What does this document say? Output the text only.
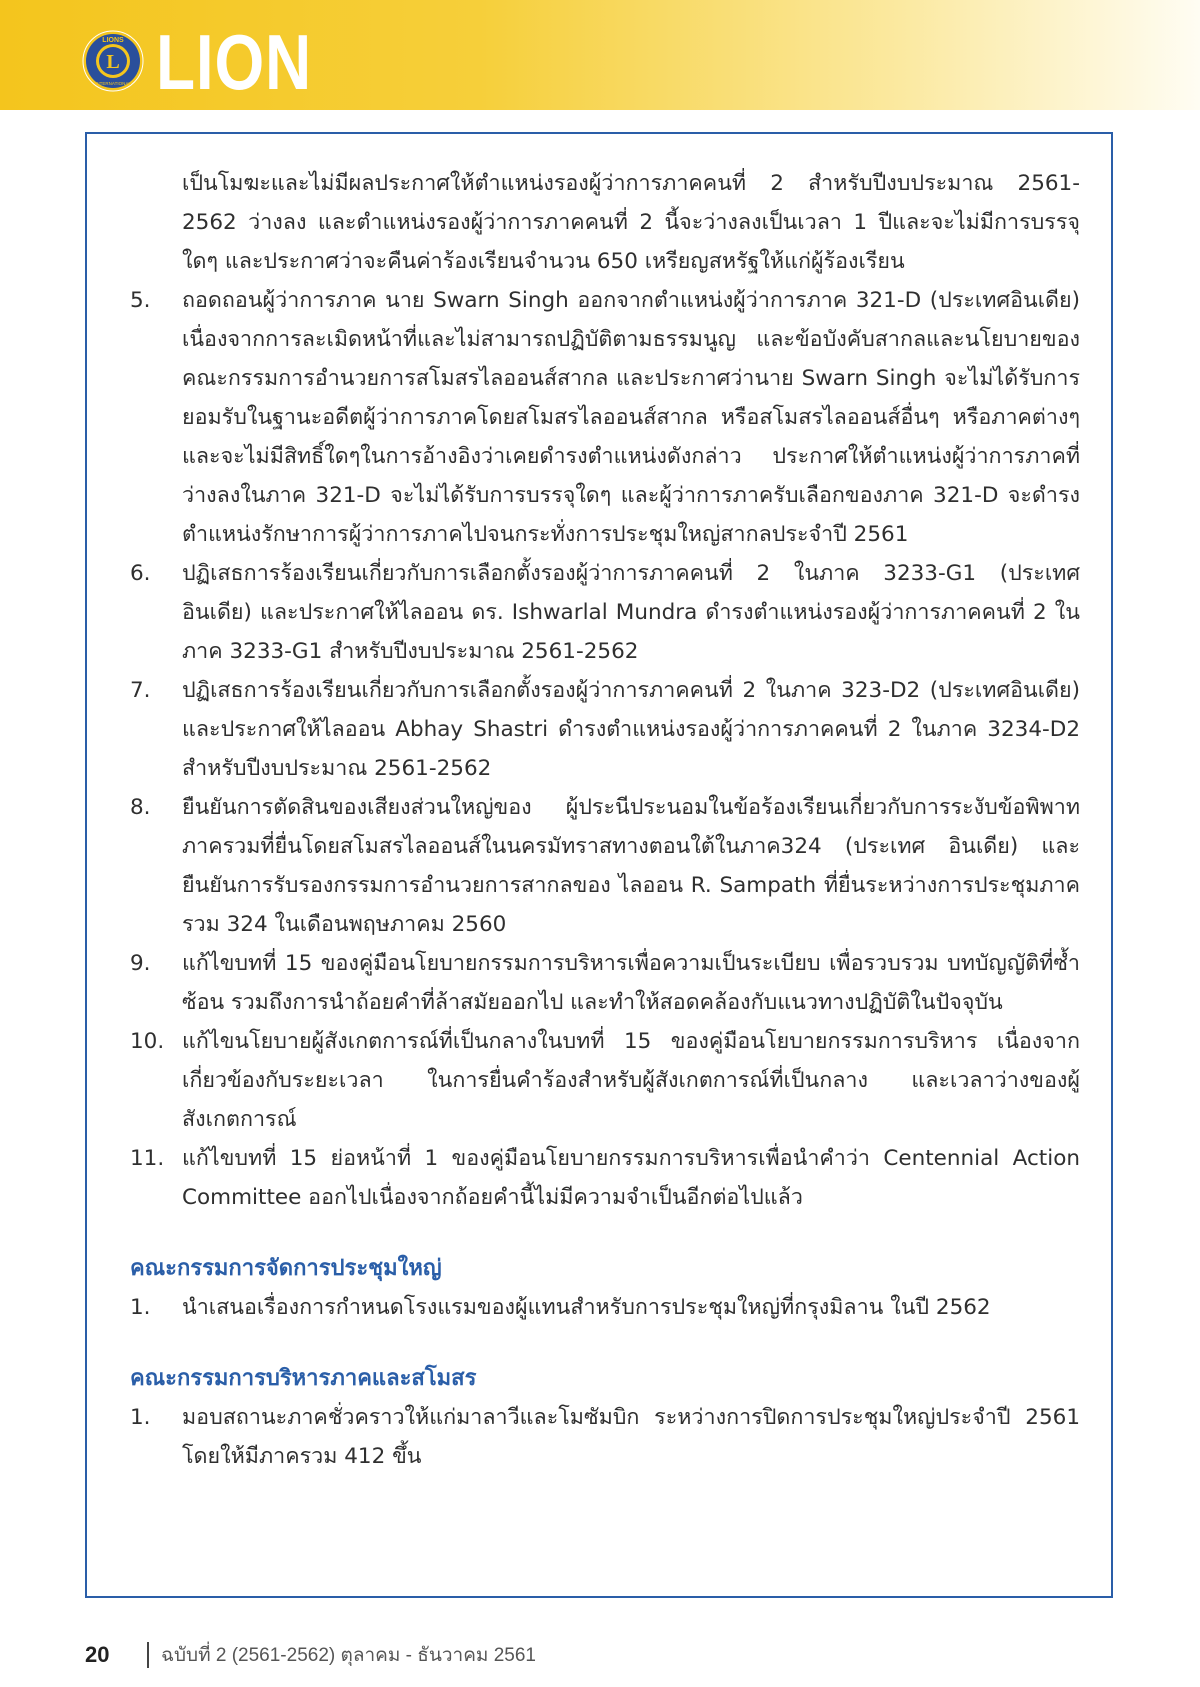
L
LIONS
INTERNATIONAL LION
เป็นโมฆะและไม่มีผลประกาศให้ตำแหน่งรองผู้ว่าการภาคคนที่ 2 สำหรับปีงบประมาณ 2561-2562 ว่างลง และตำแหน่งรองผู้ว่าการภาคคนที่ 2 นี้จะว่างลงเป็นเวลา 1 ปีและจะไม่มีการบรรจุใดๆ และประกาศว่าจะคืนค่าร้องเรียนจำนวน 650 เหรียญสหรัฐให้แก่ผู้ร้องเรียน
5.	ถอดถอนผู้ว่าการภาค นาย Swarn Singh ออกจากตำแหน่งผู้ว่าการภาค 321-D (ประเทศอินเดีย) เนื่องจากการละเมิดหน้าที่และไม่สามารถปฏิบัติตามธรรมนูญ และข้อบังคับสากลและนโยบายของคณะกรรมการอำนวยการสโมสรไลออนส์สากล และประกาศว่านาย Swarn Singh จะไม่ได้รับการยอมรับในฐานะอดีตผู้ว่าการภาคโดยสโมสรไลออนส์สากล หรือสโมสรไลออนส์อื่นๆ หรือภาคต่างๆ และจะไม่มีสิทธิ์ใดๆในการอ้างอิงว่าเคยดำรงตำแหน่งดังกล่าว ประกาศให้ตำแหน่งผู้ว่าการภาคที่ว่างลงในภาค 321-D จะไม่ได้รับการบรรจุใดๆ และผู้ว่าการภาครับเลือกของภาค 321-D จะดำรงตำแหน่งรักษาการผู้ว่าการภาคไปจนกระทั่งการประชุมใหญ่สากลประจำปี 2561
6.	ปฏิเสธการร้องเรียนเกี่ยวกับการเลือกตั้งรองผู้ว่าการภาคคนที่ 2 ในภาค 3233-G1 (ประเทศอินเดีย) และประกาศให้ไลออน ดร. Ishwarlal Mundra ดำรงตำแหน่งรองผู้ว่าการภาคคนที่ 2 ในภาค 3233-G1 สำหรับปีงบประมาณ 2561-2562
7.	ปฏิเสธการร้องเรียนเกี่ยวกับการเลือกตั้งรองผู้ว่าการภาคคนที่ 2 ในภาค 323-D2 (ประเทศอินเดีย) และประกาศให้ไลออน Abhay Shastri ดำรงตำแหน่งรองผู้ว่าการภาคคนที่ 2 ในภาค 3234-D2 สำหรับปีงบประมาณ 2561-2562
8.	ยืนยันการตัดสินของเสียงส่วนใหญ่ของ ผู้ประนีประนอมในข้อร้องเรียนเกี่ยวกับการระงับข้อพิพาทภาครวมที่ยื่นโดยสโมสรไลออนส์ในนครมัทราสทางตอนใต้ในภาค324 (ประเทศ อินเดีย) และยืนยันการรับรองกรรมการอำนวยการสากลของ ไลออน R. Sampath ที่ยื่นระหว่างการประชุมภาครวม 324 ในเดือนพฤษภาคม 2560
9.	แก้ไขบทที่ 15 ของคู่มือนโยบายกรรมการบริหารเพื่อความเป็นระเบียบ เพื่อรวบรวม บทบัญญัติที่ซ้ำซ้อน รวมถึงการนำถ้อยคำที่ล้าสมัยออกไป และทำให้สอดคล้องกับแนวทางปฏิบัติในปัจจุบัน
10. แก้ไขนโยบายผู้สังเกตการณ์ที่เป็นกลางในบทที่ 15 ของคู่มือนโยบายกรรมการบริหาร เนื่องจากเกี่ยวข้องกับระยะเวลา ในการยื่นคำร้องสำหรับผู้สังเกตการณ์ที่เป็นกลาง และเวลาว่างของผู้สังเกตการณ์
11. แก้ไขบทที่ 15 ย่อหน้าที่ 1 ของคู่มือนโยบายกรรมการบริหารเพื่อนำคำว่า Centennial Action Committee ออกไปเนื่องจากถ้อยคำนี้ไม่มีความจำเป็นอีกต่อไปแล้ว
คณะกรรมการจัดการประชุมใหญ่
1.	นำเสนอเรื่องการกำหนดโรงแรมของผู้แทนสำหรับการประชุมใหญ่ที่กรุงมิลาน ในปี 2562
คณะกรรมการบริหารภาคและสโมสร
1.	มอบสถานะภาคชั่วคราวให้แก่มาลาวีและโมซัมบิก ระหว่างการปิดการประชุมใหญ่ประจำปี 2561 โดยให้มีภาครวม 412 ขึ้น
20	ฉบับที่ 2 (2561-2562) ตุลาคม - ธันวาคม 2561
